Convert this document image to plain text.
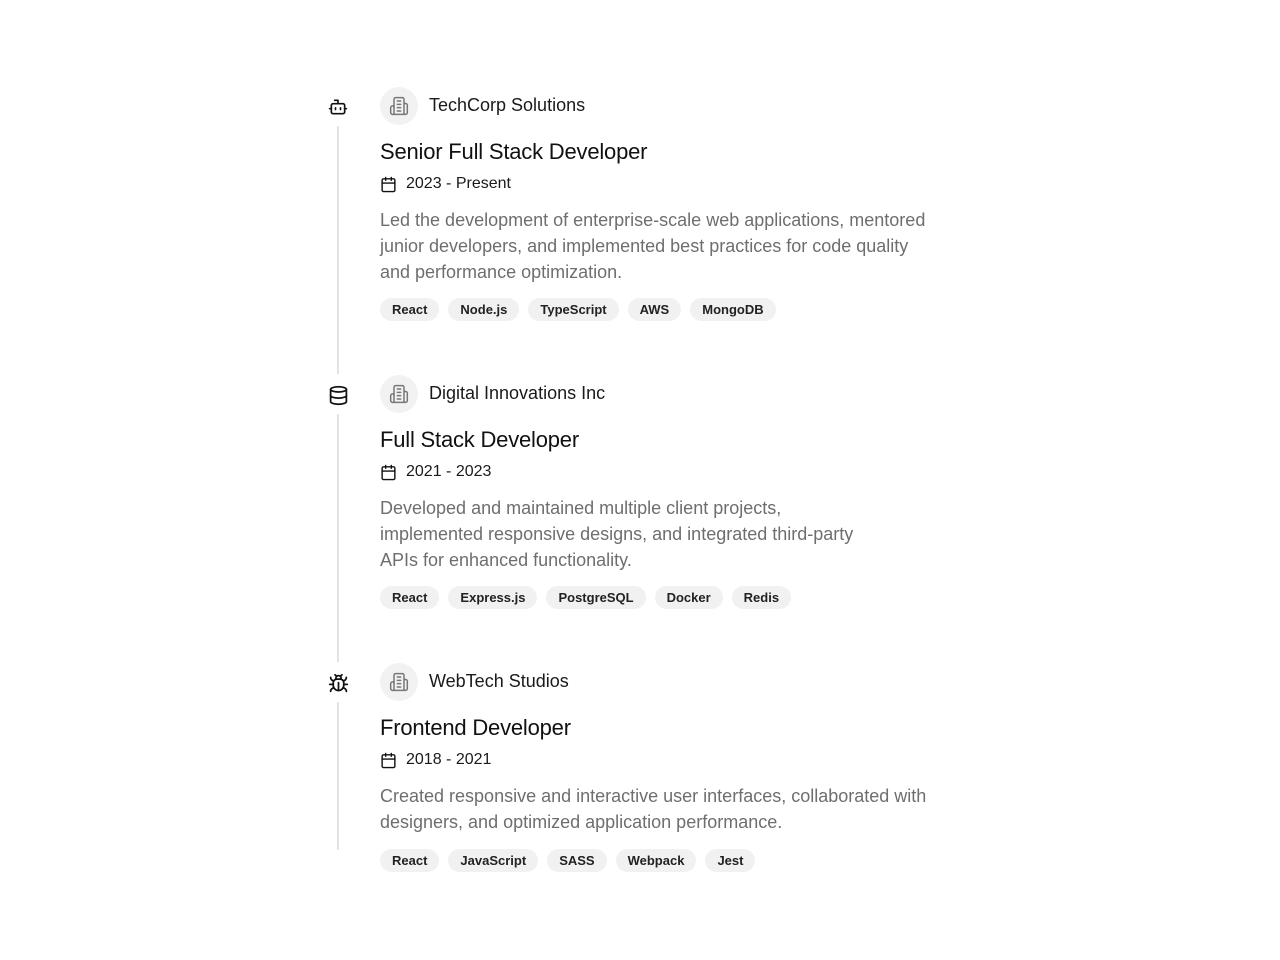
TechCorp Solutions
Senior Full Stack Developer
2023 - Present
Led the development of enterprise-scale web applications, mentored junior developers, and implemented best practices for code quality and performance optimization.
React	Node.js	TypeScript	AWS	MongoDB
Digital Innovations Inc
Full Stack Developer
2021 - 2023
Developed and maintained multiple client projects, implemented responsive designs, and integrated third-party APIs for enhanced functionality.
React	Express.js	PostgreSQL	Docker	Redis
WebTech Studios
Frontend Developer
2018 - 2021
Created responsive and interactive user interfaces, collaborated with designers, and optimized application performance.
React	JavaScript	SASS	Webpack	Jest
